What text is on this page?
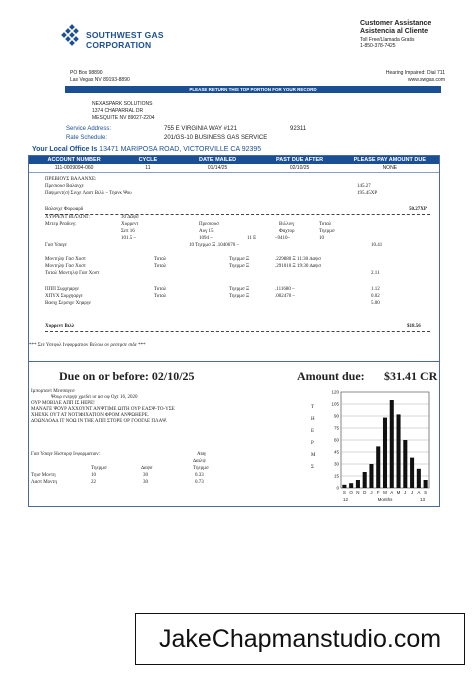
SOUTHWEST GAS CORPORATION
Customer Assistance
Asistencia al Cliente
Toll Free/Llamada Gratis
1-850-378-7425
PO Box 98890
Las Vegas NV 89193-8890
Hearing Impaired: Dial 711
www.swgas.com
PLEASE RETURN THIS TOP PORTION FOR YOUR RECORD
NEXASPARK SOLUTIONS
1374 CHAPARRAL DR
MESQUITE NV 89027-2204
Service Address:	755 E VIRGINIA WAY #121	92311
Rate Schedule:	201/GS-10 BUSINESS GAS SERVICE
Your Local Office Is 13471 MARIPOSA ROAD, VICTORVILLE CA 92395
ACCOUNT NUMBER	CYCLE	DATE MAILED	PAST DUE AFTER	PLEASE PAY AMOUNT DUE
111-0009094-060	11	01/14/25	02/10/25	NONE
ΠΡΕΒΙΟΥΣ ΒΑΛΑΝΧΕ:
Πρεσιουσ Βαλανχε	145.27
Παψμεντ(σ) Σινχε Λαστ Βιλλ – Τηανκ Ψου	195.45ΧΡ
Βαλανχε Φορωαρδ	50.27ΧΡ
ΧΥΡΡΕΝΤ ΒΙΛΛΙΝΓ:	30 ∆αψσ
Μετερ Ρεαδινγ:	Χυρρεντ	Πρεσιουσ	Βιλλινγ	Τοταλ
Σεπ 16	Αυγ 15	Φαχτορ	Τηερµσ
101.5 –	1094 –	11 Ε	–9410–	10
Γασ Υσαγε	10 Τηερµσ Ξ .1040670 –	10.41
Μοντηλψ Γασ Χοστ	Τοταλ	Τηερµσ Ξ	.229880 Ξ 11:30 ∆αψσ
Μοντηλψ Γασ Χοστ	Τοταλ	Τηερµσ Ξ	.291010 Ξ 19:30 ∆αψσ
Τοταλ Μοντηλψ Γασ Χοστ	2.11
ΠΠΠ Συρχηαργε	Τοταλ	Τηερµσ Ξ	.111680 –	1.12
ΧΠΥΧ Συρχηαργε	Τοταλ	Τηερµσ Ξ	.002470 –	0.02
Βασιχ Σερσιχε Χηαργε	5.00
Χυρρεντ Βιλλ	$18.56
*** Σεε Υσεφυλ Ινφορµατιον Βελοω ον ρεσερσε σιδε ***
Due on or before: 02/10/25	Amount due: $31.41 CR
Ιµπορταντ Μεσσαγεσ
Ψουρ ενεργψ χρεδιτ ισ ασ οφ Οχτ 16, 2020
ΟΥΡ ΜΟΒΙΛΕ ΑΠΠ ΙΣ ΗΕΡΕ!
ΜΑΝΑΓΕ ΨΟΥΡ ΑΧΧΟΥΝΤ ΑΝΨΤΙΜΕ ΩΙΤΗ ΟΥΡ ΕΑΣΨ-ΤΟ-ΥΣΕ
ΧΗΕΧΚ ΟΥΤ ΑΤ ΝΟΤΙΦΙΧΑΤΙΟΝ ΦΡΟΜ ΑΝΨΩΗΕΡΕ.
∆ΟΩΝΛΟΑ∆ ΙΤ ΝΟΩ ΙΝ ΤΗΕ ΑΠΠ ΣΤΟΡΕ ΟΡ ΓΟΟΓΛΕ ΠΛΑΨ.
Γασ Υσαγε Ηιστορψ Ινφορµατιον:	Αϖγ
∆αιλψ
Τηερµσ	∆αψσ	Τηερµσ
Τηισ Μοντη	10	30	0.33
Λαστ Μοντη	22	30	0.73
120
105
90
75
60
45
30
15
0
Τ
Η
Ε
Ρ
Μ
Σ
S O N D J F M A M J J A S
12	Months	13
JakeChapmanstudio.com
